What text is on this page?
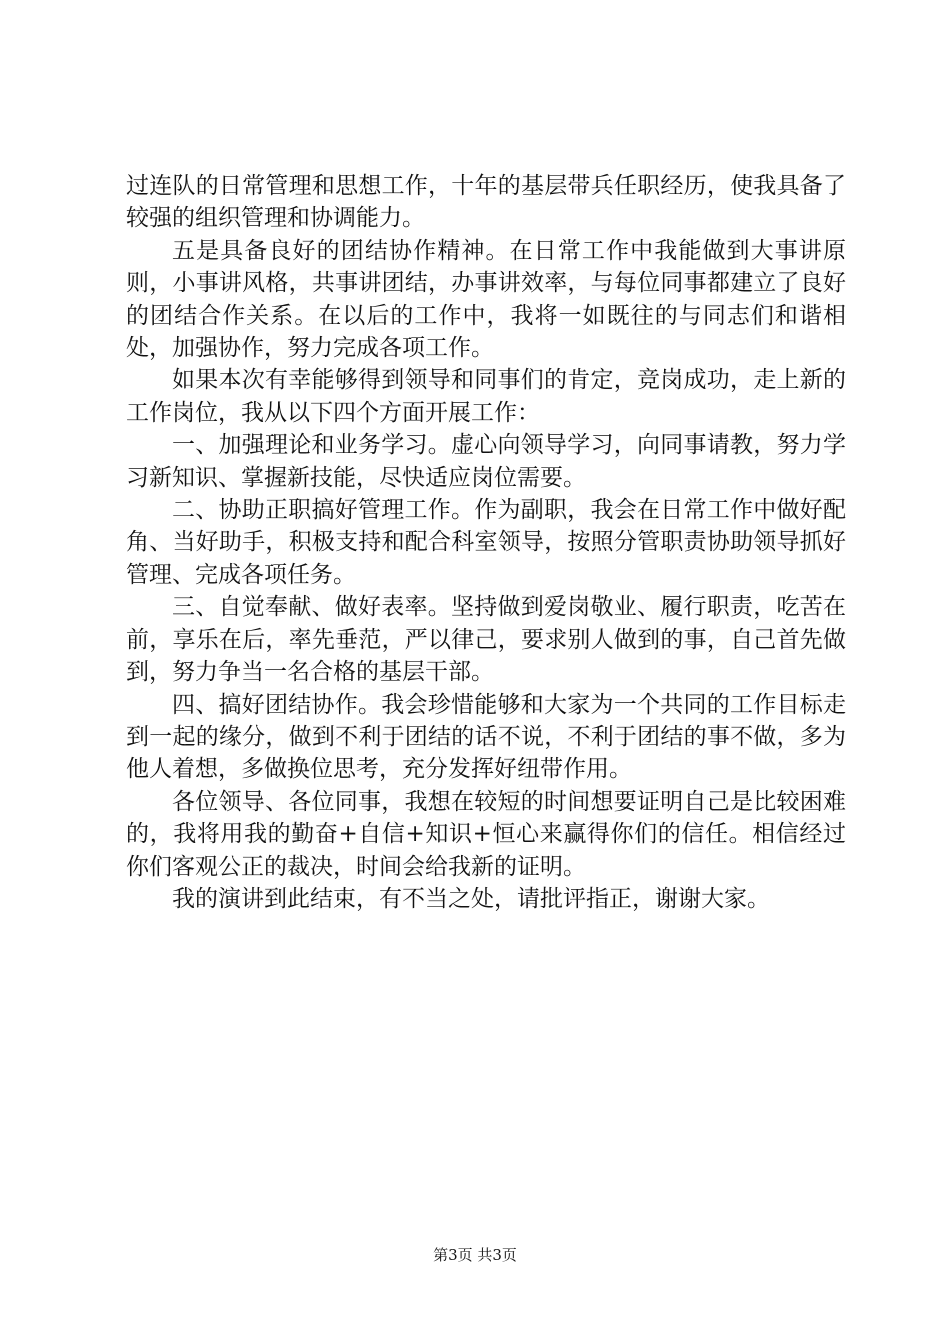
过连队的日常管理和思想工作，十年的基层带兵任职经历，使我具备了较强的组织管理和协调能力。

五是具备良好的团结协作精神。在日常工作中我能做到大事讲原则，小事讲风格，共事讲团结，办事讲效率，与每位同事都建立了良好的团结合作关系。在以后的工作中，我将一如既往的与同志们和谐相处，加强协作，努力完成各项工作。

如果本次有幸能够得到领导和同事们的肯定，竞岗成功，走上新的工作岗位，我从以下四个方面开展工作：

一、加强理论和业务学习。虚心向领导学习，向同事请教，努力学习新知识、掌握新技能，尽快适应岗位需要。

二、协助正职搞好管理工作。作为副职，我会在日常工作中做好配角、当好助手，积极支持和配合科室领导，按照分管职责协助领导抓好管理、完成各项任务。

三、自觉奉献、做好表率。坚持做到爱岗敬业、履行职责，吃苦在前，享乐在后，率先垂范，严以律己，要求别人做到的事，自己首先做到，努力争当一名合格的基层干部。

四、搞好团结协作。我会珍惜能够和大家为一个共同的工作目标走到一起的缘分，做到不利于团结的话不说，不利于团结的事不做，多为他人着想，多做换位思考，充分发挥好纽带作用。

各位领导、各位同事，我想在较短的时间想要证明自己是比较困难的，我将用我的勤奋+自信+知识+恒心来赢得你们的信任。相信经过你们客观公正的裁决，时间会给我新的证明。

我的演讲到此结束，有不当之处，请批评指正，谢谢大家。

第3页 共3页
